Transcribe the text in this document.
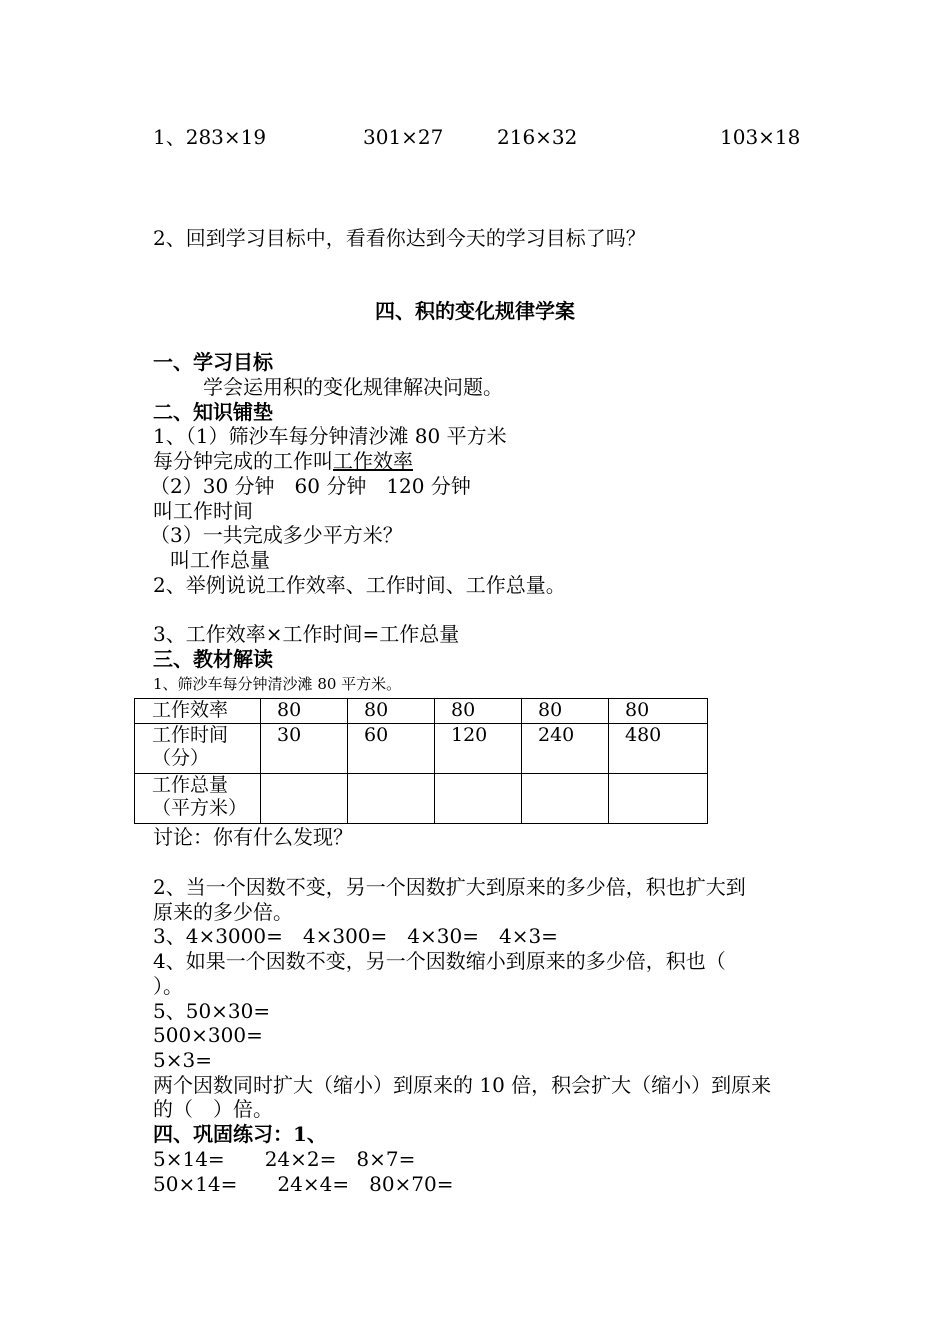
1、283×19	301×27	216×32	103×18
2、回到学习目标中，看看你达到今天的学习目标了吗？
四、积的变化规律学案
一、学习目标
学会运用积的变化规律解决问题。
二、知识铺垫
1、（1）筛沙车每分钟清沙滩 80 平方米
每分钟完成的工作叫工作效率
（2）30 分钟　60 分钟　120 分钟
叫工作时间
（3）一共完成多少平方米？
叫工作总量
2、举例说说工作效率、工作时间、工作总量。
3、工作效率×工作时间=工作总量
三、教材解读
1、筛沙车每分钟清沙滩 80 平方米。
工作效率	80	80	80	80	80

工作时间
（分）	30	60	120	240	480

工作总量
（平方米）					

讨论：你有什么发现？
2、当一个因数不变，另一个因数扩大到原来的多少倍，积也扩大到
原来的多少倍。
3、4×3000=　4×300=　4×30=　4×3=
4、如果一个因数不变，另一个因数缩小到原来的多少倍，积也（
）。
5、50×30=
500×300=
5×3=
两个因数同时扩大（缩小）到原来的 10 倍，积会扩大（缩小）到原来
的（　）倍。
四、巩固练习：1、
5×14=　　24×2=　8×7=
50×14=　　24×4=　80×70=
